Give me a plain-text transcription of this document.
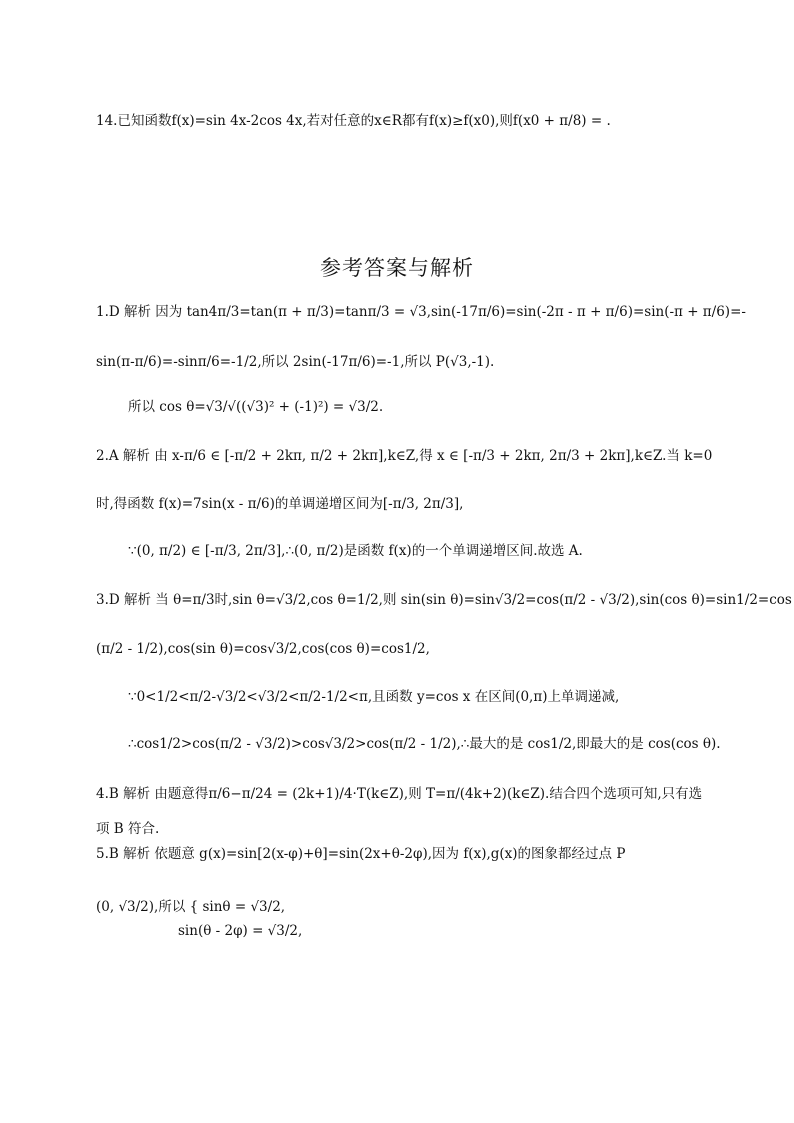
14.已知函数f(x)=sin 4x-2cos 4x,若对任意的x∈R都有f(x)≥f(x0),则f(x0 + π/8) = .
参考答案与解析
1.D 解析 因为 tan4π/3=tan(π + π/3)=tanπ/3 = √3,sin(-17π/6)=sin(-2π - π + π/6)=sin(-π + π/6)=-
sin(π-π/6)=-sinπ/6=-1/2,所以 2sin(-17π/6)=-1,所以 P(√3,-1).
所以 cos θ=√3/√((√3)² + (-1)²) = √3/2.
2.A 解析 由 x-π/6 ∈ [-π/2 + 2kπ, π/2 + 2kπ],k∈Z,得 x ∈ [-π/3 + 2kπ, 2π/3 + 2kπ],k∈Z.当 k=0
时,得函数 f(x)=7sin(x - π/6)的单调递增区间为[-π/3, 2π/3],
∵(0, π/2) ∈ [-π/3, 2π/3],∴(0, π/2)是函数 f(x)的一个单调递增区间.故选 A.
3.D 解析 当 θ=π/3时,sin θ=√3/2,cos θ=1/2,则 sin(sin θ)=sin√3/2=cos(π/2 - √3/2),sin(cos θ)=sin1/2=cos
(π/2 - 1/2),cos(sin θ)=cos√3/2,cos(cos θ)=cos1/2,
∵0<1/2<π/2-√3/2<√3/2<π/2-1/2<π,且函数 y=cos x 在区间(0,π)上单调递减,
∴cos1/2>cos(π/2 - √3/2)>cos√3/2>cos(π/2 - 1/2),∴最大的是 cos1/2,即最大的是 cos(cos θ).
4.B 解析 由题意得π/6−π/24 = (2k+1)/4·T(k∈Z),则 T=π/(4k+2)(k∈Z).结合四个选项可知,只有选
项 B 符合.
5.B 解析 依题意 g(x)=sin[2(x-φ)+θ]=sin(2x+θ-2φ),因为 f(x),g(x)的图象都经过点 P
(0, √3/2),所以 { sinθ = √3/2,
sin(θ - 2φ) = √3/2,
